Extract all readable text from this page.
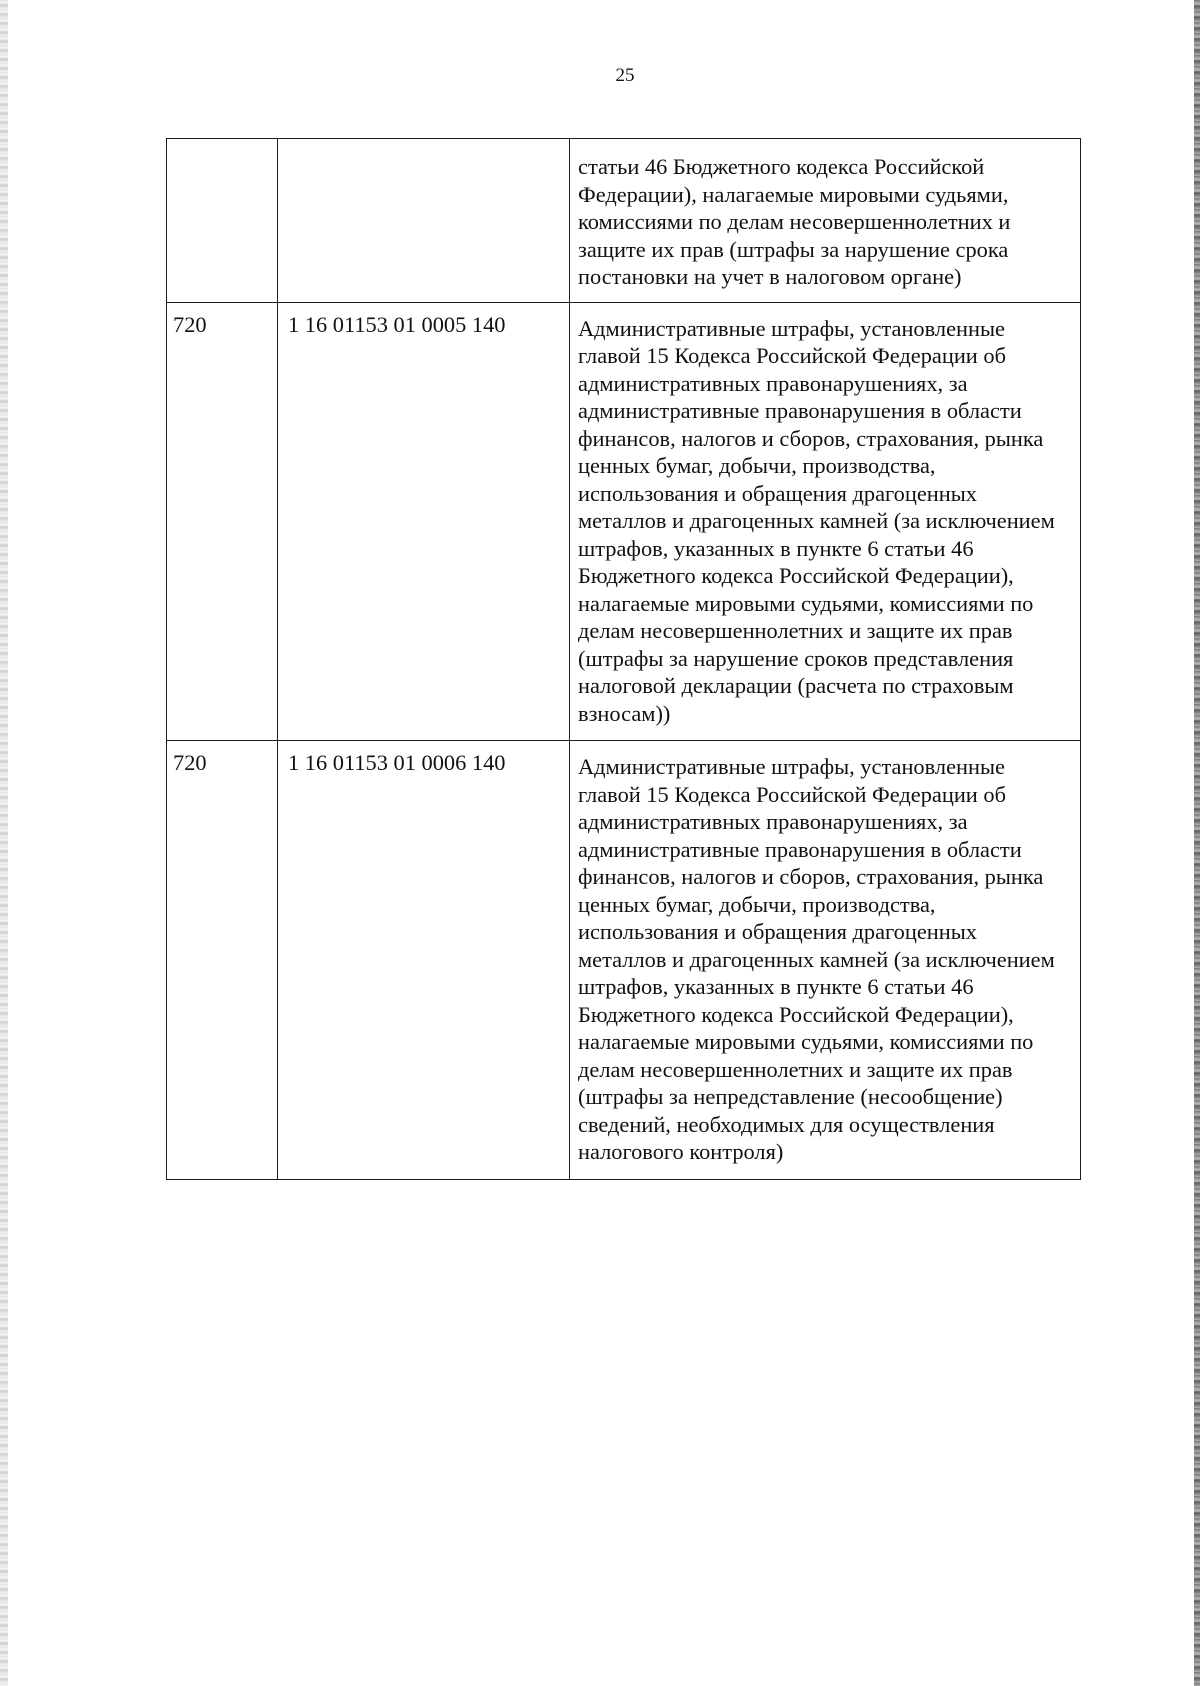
25

		статьи 46 Бюджетного кодекса Российской Федерации), налагаемые мировыми судьями, комиссиями по делам несовершеннолетних и защите их прав (штрафы за нарушение срока постановки на учет в налоговом органе)

720	1 16 01153 01 0005 140	Административные штрафы, установленные главой 15 Кодекса Российской Федерации об административных правонарушениях, за административные правонарушения в области финансов, налогов и сборов, страхования, рынка ценных бумаг, добычи, производства, использования и обращения драгоценных металлов и драгоценных камней (за исключением штрафов, указанных в пункте 6 статьи 46 Бюджетного кодекса Российской Федерации), налагаемые мировыми судьями, комиссиями по делам несовершеннолетних и защите их прав (штрафы за нарушение сроков представления налоговой декларации (расчета по страховым взносам))

720	1 16 01153 01 0006 140	Административные штрафы, установленные главой 15 Кодекса Российской Федерации об административных правонарушениях, за административные правонарушения в области финансов, налогов и сборов, страхования, рынка ценных бумаг, добычи, производства, использования и обращения драгоценных металлов и драгоценных камней (за исключением штрафов, указанных в пункте 6 статьи 46 Бюджетного кодекса Российской Федерации), налагаемые мировыми судьями, комиссиями по делам несовершеннолетних и защите их прав (штрафы за непредставление (несообщение) сведений, необходимых для осуществления налогового контроля)
